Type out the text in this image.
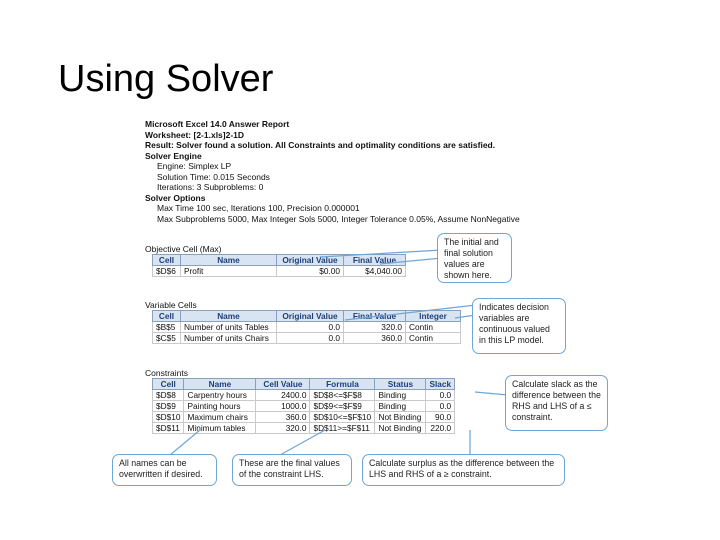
Using Solver
Microsoft Excel 14.0 Answer Report
Worksheet: [2-1.xls]2-1D
Result: Solver found a solution. All Constraints and optimality conditions are satisfied.
Solver Engine
Engine: Simplex LP
Solution Time: 0.015 Seconds
Iterations: 3 Subproblems: 0
Solver Options
Max Time 100 sec, Iterations 100, Precision 0.000001
Max Subproblems 5000, Max Integer Sols 5000, Integer Tolerance 0.05%, Assume NonNegative
Objective Cell (Max)
Cell	Name	Original Value	Final Value
$D$6	Profit	$0.00	$4,040.00
Variable Cells
Cell	Name	Original Value	Final Value	Integer
$B$5	Number of units Tables	0.0	320.0	Contin
$C$5	Number of units Chairs	0.0	360.0	Contin
Constraints
Cell	Name	Cell Value	Formula	Status	Slack
$D$8	Carpentry hours	2400.0	$D$8<=$F$8	Binding	0.0
$D$9	Painting hours	1000.0	$D$9<=$F$9	Binding	0.0
$D$10	Maximum chairs	360.0	$D$10<=$F$10	Not Binding	90.0
$D$11	Minimum tables	320.0	$D$11>=$F$11	Not Binding	220.0
The initial and final solution values are shown here.
Indicates decision variables are continuous valued in this LP model.
Calculate slack as the difference between the RHS and LHS of a ≤ constraint.
All names can be overwritten if desired.
These are the final values of the constraint LHS.
Calculate surplus as the difference between the LHS and RHS of a ≥ constraint.
